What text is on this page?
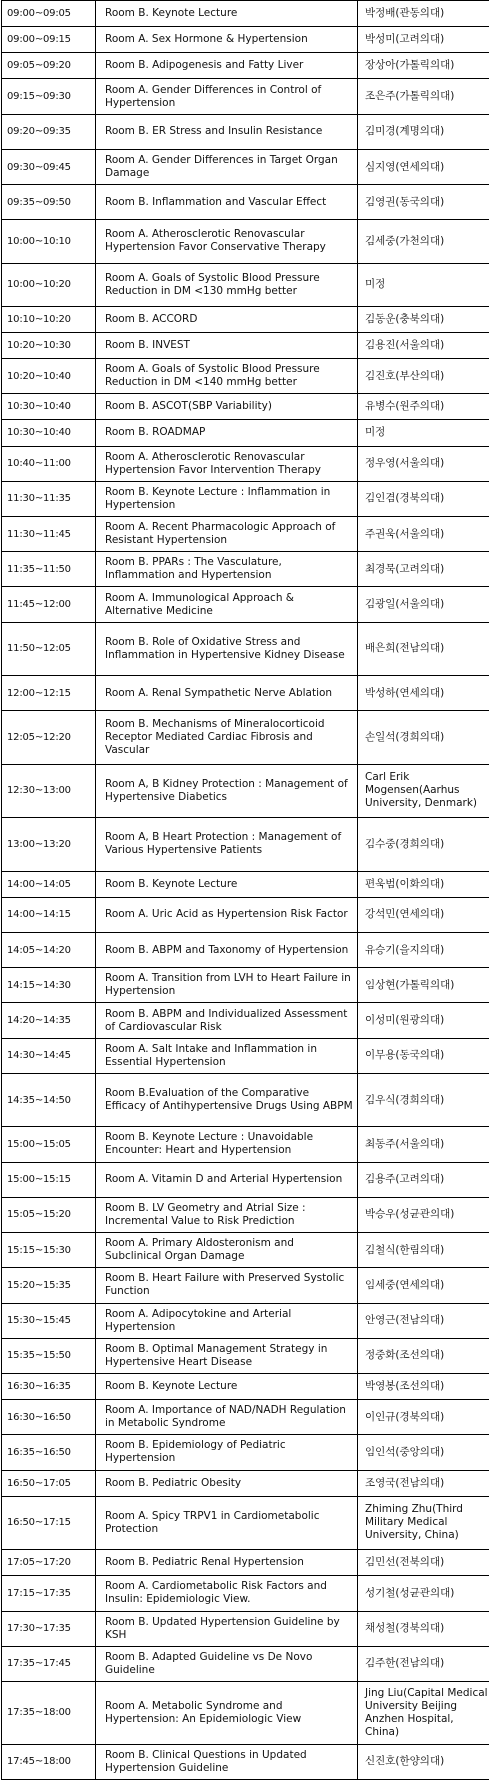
09:00~09:05	Room B. Keynote Lecture	박정배(관동의대)
09:00~09:15	Room A. Sex Hormone & Hypertension	박성미(고려의대)
09:05~09:20	Room B. Adipogenesis and Fatty Liver	장상아(가톨릭의대)
09:15~09:30	Room A. Gender Differences in Control of Hypertension	조은주(가톨릭의대)
09:20~09:35	Room B. ER Stress and Insulin Resistance	김미경(계명의대)
09:30~09:45	Room A. Gender Differences in Target Organ Damage	심지영(연세의대)
09:35~09:50	Room B. Inflammation and Vascular Effect	김영권(동국의대)
10:00~10:10	Room A. Atherosclerotic Renovascular Hypertension Favor Conservative Therapy	김세중(가천의대)
10:00~10:20	Room A. Goals of Systolic Blood Pressure Reduction in DM <130 mmHg better	미정
10:10~10:20	Room B. ACCORD	김동운(충북의대)
10:20~10:30	Room B. INVEST	김용진(서울의대)
10:20~10:40	Room A. Goals of Systolic Blood Pressure Reduction in DM <140 mmHg better	김진호(부산의대)
10:30~10:40	Room B. ASCOT(SBP Variability)	유병수(원주의대)
10:30~10:40	Room B. ROADMAP	미정
10:40~11:00	Room A. Atherosclerotic Renovascular Hypertension Favor Intervention Therapy	정우영(서울의대)
11:30~11:35	Room B. Keynote Lecture : Inflammation in Hypertension	김인겸(경북의대)
11:30~11:45	Room A. Recent Pharmacologic Approach of Resistant Hypertension	주권욱(서울의대)
11:35~11:50	Room B. PPARs : The Vasculature, Inflammation and Hypertension	최경묵(고려의대)
11:45~12:00	Room A. Immunological Approach & Alternative Medicine	김광일(서울의대)
11:50~12:05	Room B. Role of Oxidative Stress and Inflammation in Hypertensive Kidney Disease	배은희(전남의대)
12:00~12:15	Room A. Renal Sympathetic Nerve Ablation	박성하(연세의대)
12:05~12:20	Room B. Mechanisms of Mineralocorticoid Receptor Mediated Cardiac Fibrosis and Vascular	손일석(경희의대)
12:30~13:00	Room A, B Kidney Protection : Management of Hypertensive Diabetics	Carl Erik Mogensen(Aarhus University, Denmark)
13:00~13:20	Room A, B Heart Protection : Management of Various Hypertensive Patients	김수중(경희의대)
14:00~14:05	Room B. Keynote Lecture	편욱범(이화의대)
14:00~14:15	Room A. Uric Acid as Hypertension Risk Factor	강석민(연세의대)
14:05~14:20	Room B. ABPM and Taxonomy of Hypertension	유승기(을지의대)
14:15~14:30	Room A. Transition from LVH to Heart Failure in Hypertension	임상현(가톨릭의대)
14:20~14:35	Room B. ABPM and Individualized Assessment of Cardiovascular Risk	이성미(원광의대)
14:30~14:45	Room A. Salt Intake and Inflammation in Essential Hypertension	이무용(동국의대)
14:35~14:50	Room B.Evaluation of the Comparative Efficacy of Antihypertensive Drugs Using ABPM	김우식(경희의대)
15:00~15:05	Room B. Keynote Lecture : Unavoidable Encounter: Heart and Hypertension	최동주(서울의대)
15:00~15:15	Room A. Vitamin D and Arterial Hypertension	김용주(고려의대)
15:05~15:20	Room B. LV Geometry and Atrial Size : Incremental Value to Risk Prediction	박승우(성균관의대)
15:15~15:30	Room A. Primary Aldosteronism and Subclinical Organ Damage	김철식(한림의대)
15:20~15:35	Room B. Heart Failure with Preserved Systolic Function	임세중(연세의대)
15:30~15:45	Room A. Adipocytokine and Arterial Hypertension	안영근(전남의대)
15:35~15:50	Room B. Optimal Management Strategy in Hypertensive Heart Disease	정중화(조선의대)
16:30~16:35	Room B. Keynote Lecture	박영봉(조선의대)
16:30~16:50	Room A. Importance of NAD/NADH Regulation in Metabolic Syndrome	이인규(경북의대)
16:35~16:50	Room B. Epidemiology of Pediatric Hypertension	임인석(중앙의대)
16:50~17:05	Room B. Pediatric Obesity	조영국(전남의대)
16:50~17:15	Room A. Spicy TRPV1 in Cardiometabolic Protection	Zhiming Zhu(Third Military Medical University, China)
17:05~17:20	Room B. Pediatric Renal Hypertension	김민선(전북의대)
17:15~17:35	Room A. Cardiometabolic Risk Factors and Insulin: Epidemiologic View.	성기철(성균관의대)
17:30~17:35	Room B. Updated Hypertension Guideline by KSH	채성철(경북의대)
17:35~17:45	Room B. Adapted Guideline vs De Novo Guideline	김주한(전남의대)
17:35~18:00	Room A. Metabolic Syndrome and Hypertension: An Epidemiologic View	Jing Liu(Capital Medical University Beijing Anzhen Hospital, China)
17:45~18:00	Room B. Clinical Questions in Updated Hypertension Guideline	신진호(한양의대)
